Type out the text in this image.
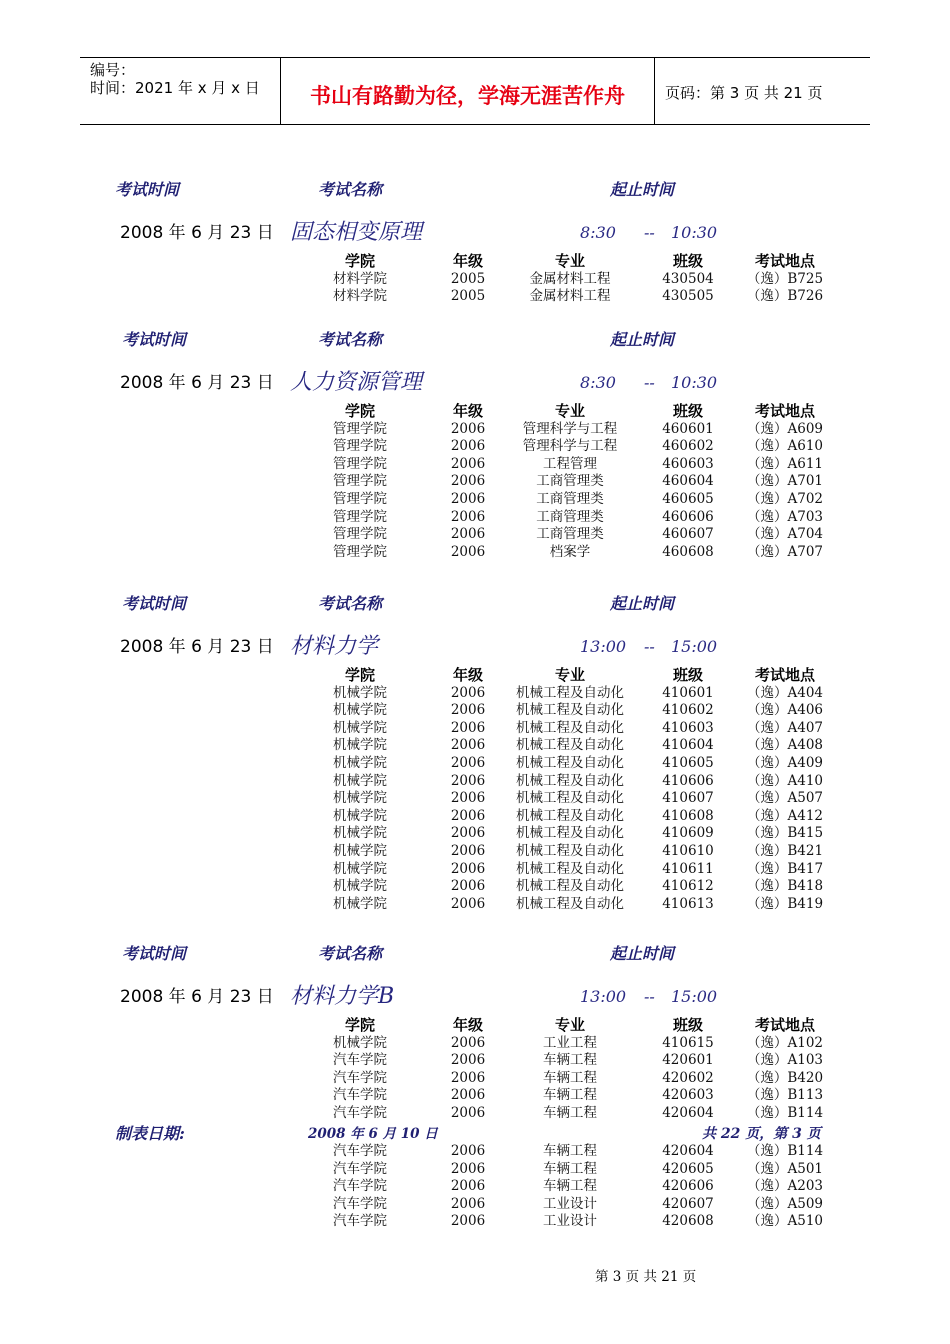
编号：
时间：2021 年 x 月 x 日 书山有路勤为径，学海无涯苦作舟	页码：第 3 页 共 21 页
考试时间	考试名称	起止时间
2008 年 6 月 23 日 固态相变原理	8:30 -- 10:30
学院	年级	专业	班级	考试地点
材料学院	2005	金属材料工程	430504	（逸）B725
材料学院	2005	金属材料工程	430505	（逸）B726
考试时间	考试名称	起止时间
2008 年 6 月 23 日 人力资源管理	8:30 -- 10:30
学院	年级	专业	班级	考试地点
管理学院	2006	管理科学与工程	460601	（逸）A609
管理学院	2006	管理科学与工程	460602	（逸）A610
管理学院	2006	工程管理	460603	（逸）A611
管理学院	2006	工商管理类	460604	（逸）A701
管理学院	2006	工商管理类	460605	（逸）A702
管理学院	2006	工商管理类	460606	（逸）A703
管理学院	2006	工商管理类	460607	（逸）A704
管理学院	2006	档案学	460608	（逸）A707
考试时间	考试名称	起止时间
2008 年 6 月 23 日 材料力学	13:00 -- 15:00
学院	年级	专业	班级	考试地点
机械学院	2006	机械工程及自动化	410601	（逸）A404
机械学院	2006	机械工程及自动化	410602	（逸）A406
机械学院	2006	机械工程及自动化	410603	（逸）A407
机械学院	2006	机械工程及自动化	410604	（逸）A408
机械学院	2006	机械工程及自动化	410605	（逸）A409
机械学院	2006	机械工程及自动化	410606	（逸）A410
机械学院	2006	机械工程及自动化	410607	（逸）A507
机械学院	2006	机械工程及自动化	410608	（逸）A412
机械学院	2006	机械工程及自动化	410609	（逸）B415
机械学院	2006	机械工程及自动化	410610	（逸）B421
机械学院	2006	机械工程及自动化	410611	（逸）B417
机械学院	2006	机械工程及自动化	410612	（逸）B418
机械学院	2006	机械工程及自动化	410613	（逸）B419
考试时间	考试名称	起止时间
2008 年 6 月 23 日 材料力学B	13:00 -- 15:00
学院	年级	专业	班级	考试地点
机械学院	2006	工业工程	410615	（逸）A102
汽车学院	2006	车辆工程	420601	（逸）A103
汽车学院	2006	车辆工程	420602	（逸）B420
汽车学院	2006	车辆工程	420603	（逸）B113
汽车学院	2006	车辆工程	420604	（逸）B114
制表日期:	2008 年 6 月 10 日	共 22 页，第 3 页
汽车学院	2006	车辆工程	420604	（逸）B114
汽车学院	2006	车辆工程	420605	（逸）A501
汽车学院	2006	车辆工程	420606	（逸）A203
汽车学院	2006	工业设计	420607	（逸）A509
汽车学院	2006	工业设计	420608	（逸）A510
第 3 页 共 21 页
